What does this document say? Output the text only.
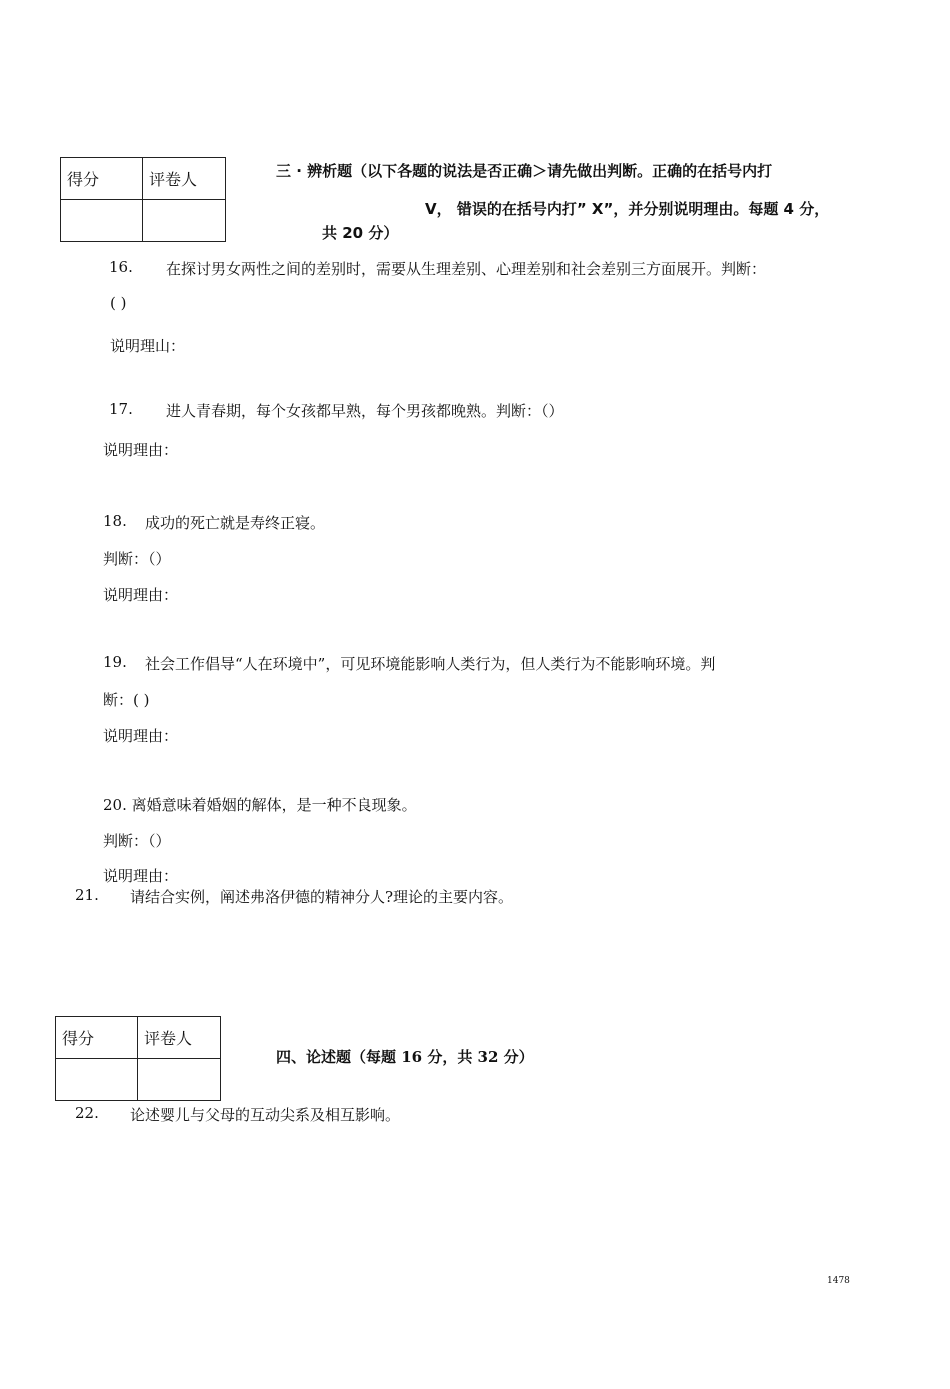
得分	评卷人
		三 · 辨析题（以下各题的说法是否正确＞请先做出判断。正确的在括号内打
V， 错误的在括号内打” X”，并分别说明理由。每题 4 分，
共 20 分）
16. 在探讨男女两性之间的差别时，需要从生理差别、心理差别和社会差别三方面展开。判断：
( )
说明理山：
17. 进人青春期，每个女孩都早熟，每个男孩都晚熟。判断：（）
说明理由：
18. 成功的死亡就是寿终正寝。
判断：（）
说明理由：
19. 社会工作倡导“人在环境中”，可见环境能影响人类行为，但人类行为不能影响环境。判
断：( )
说明理由：
20. 离婚意味着婚姻的解体，是一种不良现象。
判断：（）
说明理由：
21. 请结合实例，阐述弗洛伊德的精神分人?理论的主要内容。
得分	评卷人

四、论述题（每题 16 分，共 32 分）
22. 论述婴儿与父母的互动尖系及相互影响。
1478
